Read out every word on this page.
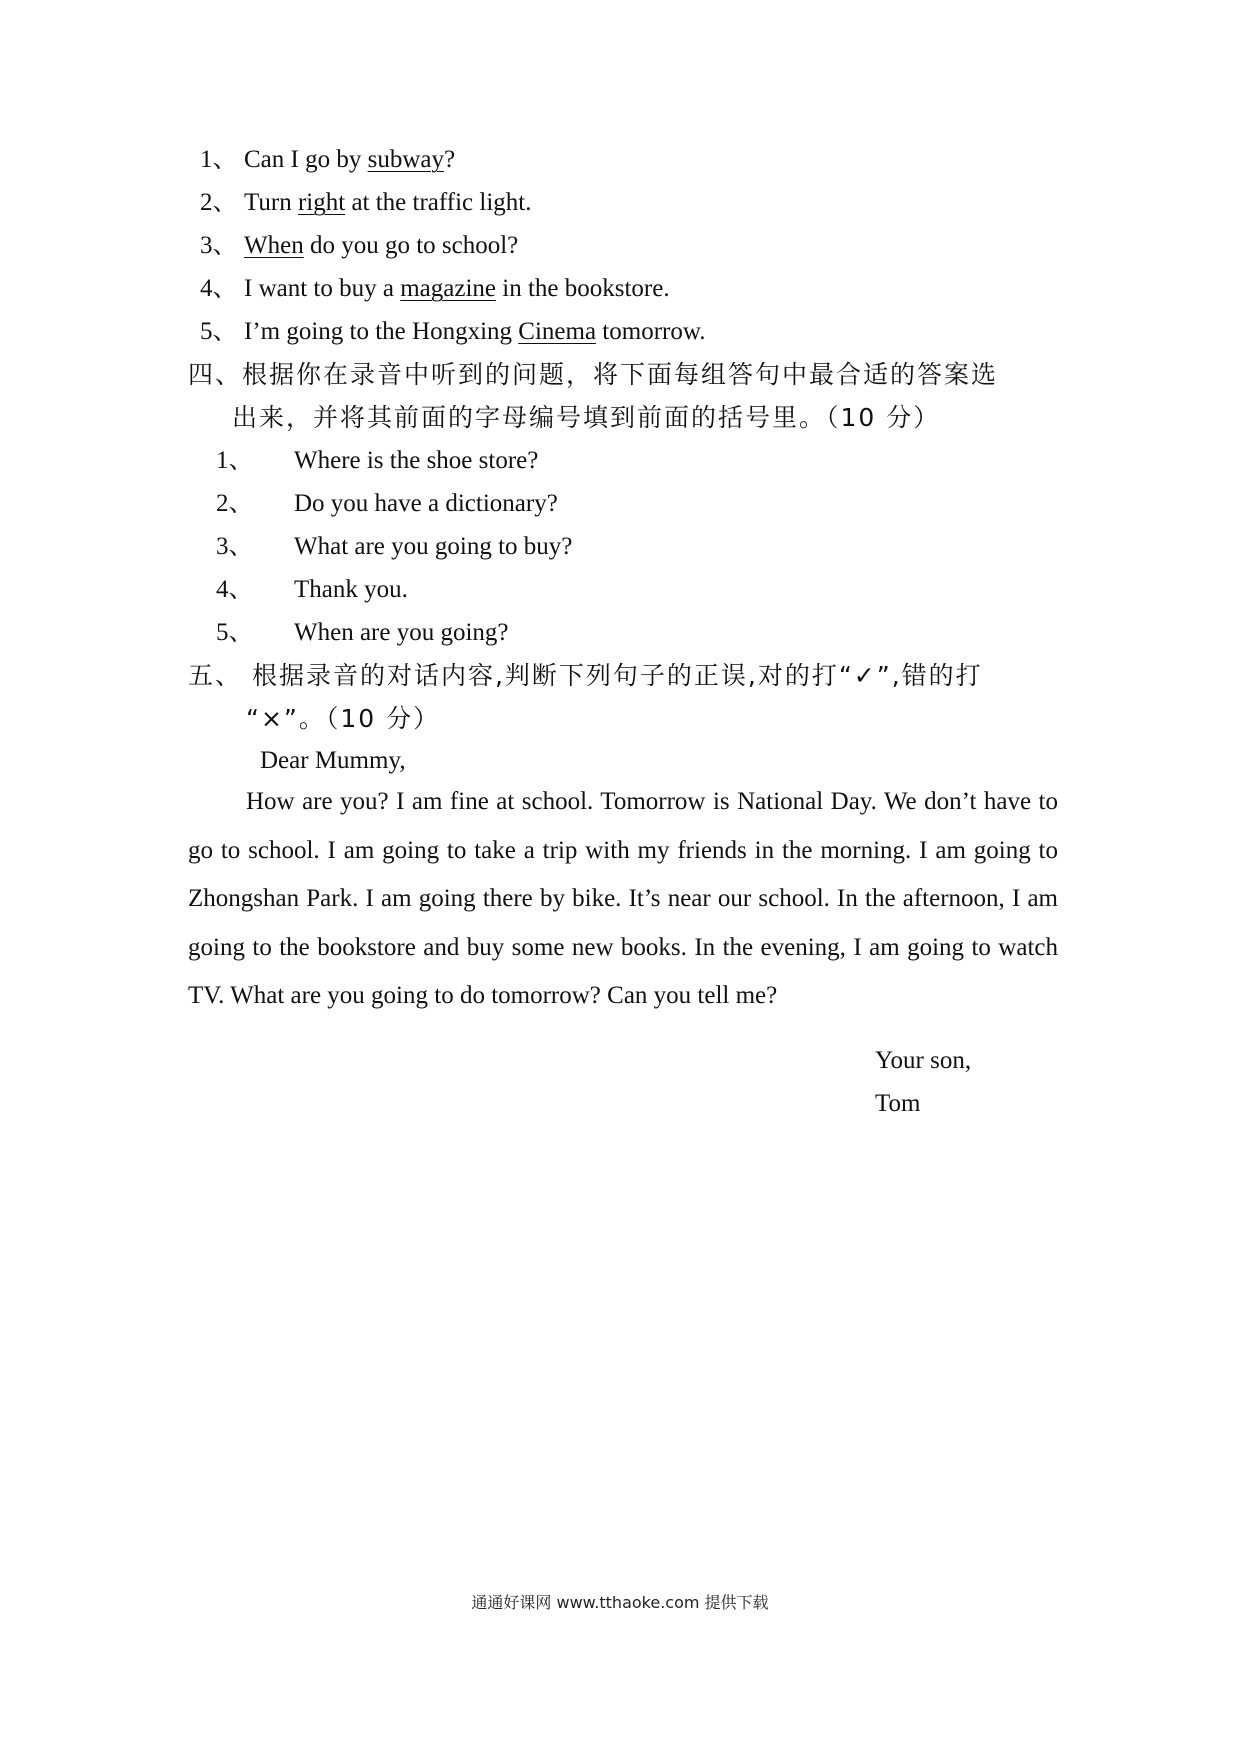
1、 Can I go by subway?
2、 Turn right at the traffic light.
3、 When do you go to school?
4、 I want to buy a magazine in the bookstore.
5、 I’m going to the Hongxing Cinema tomorrow.
四、根据你在录音中听到的问题，将下面每组答句中最合适的答案选
出来，并将其前面的字母编号填到前面的括号里。（10 分）
1、 Where is the shoe store?
2、 Do you have a dictionary?
3、 What are you going to buy?
4、 Thank you.
5、 When are you going?
五、 根据录音的对话内容,判断下列句子的正误,对的打“✓”,错的打
“×”。（10 分）
Dear Mummy,
How are you? I am fine at school. Tomorrow is National Day. We don’t have to go to school. I am going to take a trip with my friends in the morning. I am going to Zhongshan Park. I am going there by bike. It’s near our school. In the afternoon, I am going to the bookstore and buy some new books. In the evening, I am going to watch TV. What are you going to do tomorrow? Can you tell me?
Your son,
Tom
通通好课网 www.tthaoke.com 提供下载
